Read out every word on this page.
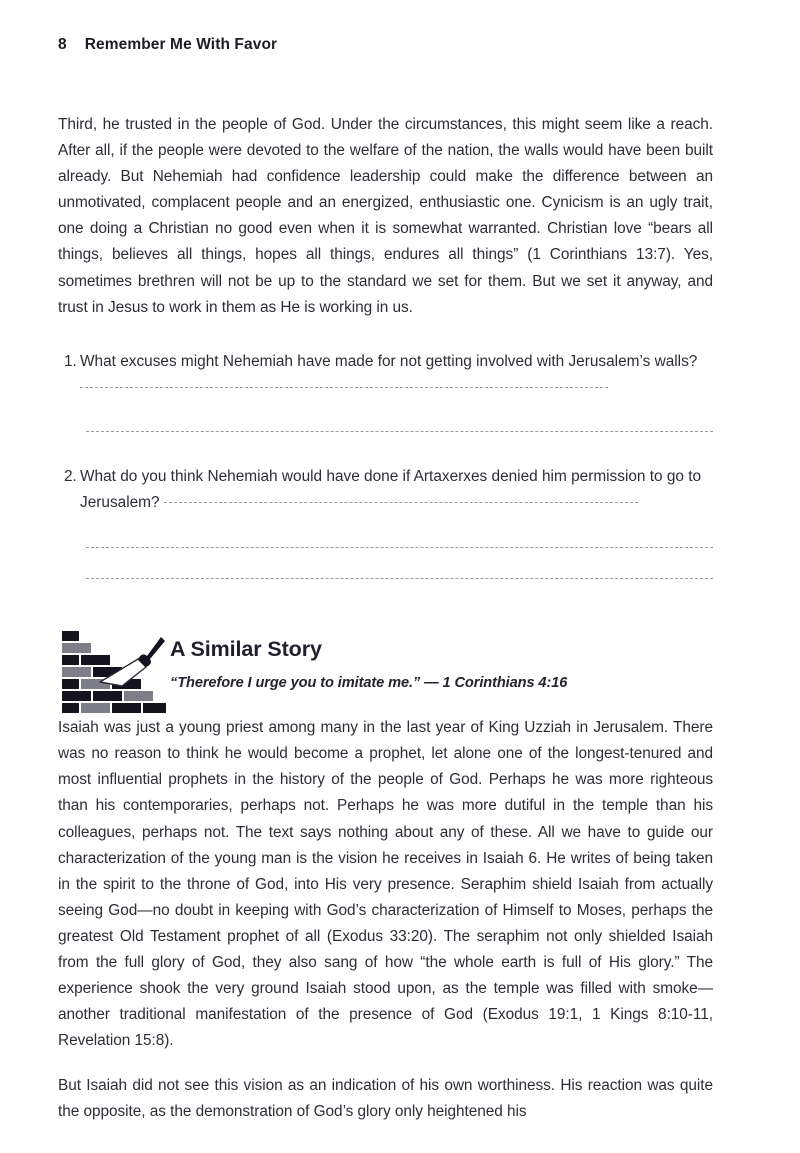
8 Remember Me With Favor

Third, he trusted in the people of God. Under the circumstances, this might seem like a reach. After all, if the people were devoted to the welfare of the nation, the walls would have been built already. But Nehemiah had confidence leadership could make the difference between an unmotivated, complacent people and an energized, enthusiastic one. Cynicism is an ugly trait, one doing a Christian no good even when it is somewhat warranted. Christian love “bears all things, believes all things, hopes all things, endures all things” (1 Corinthians 13:7). Yes, sometimes brethren will not be up to the standard we set for them. But we set it anyway, and trust in Jesus to work in them as He is working in us.

1. What excuses might Nehemiah have made for not getting involved with Jerusalem’s walls?
2. What do you think Nehemiah would have done if Artaxerxes denied him permission to go to Jerusalem?
A Similar Story

“Therefore I urge you to imitate me.” — 1 Corinthians 4:16

Isaiah was just a young priest among many in the last year of King Uzziah in Jerusalem. There was no reason to think he would become a prophet, let alone one of the longest-tenured and most influential prophets in the history of the people of God. Perhaps he was more righteous than his contemporaries, perhaps not. Perhaps he was more dutiful in the temple than his colleagues, perhaps not. The text says nothing about any of these. All we have to guide our characterization of the young man is the vision he receives in Isaiah 6. He writes of being taken in the spirit to the throne of God, into His very presence. Seraphim shield Isaiah from actually seeing God—no doubt in keeping with God’s characterization of Himself to Moses, perhaps the greatest Old Testament prophet of all (Exodus 33:20). The seraphim not only shielded Isaiah from the full glory of God, they also sang of how “the whole earth is full of His glory.” The experience shook the very ground Isaiah stood upon, as the temple was filled with smoke—another traditional manifestation of the presence of God (Exodus 19:1, 1 Kings 8:10-11, Revelation 15:8).

But Isaiah did not see this vision as an indication of his own worthiness. His reaction was quite the opposite, as the demonstration of God’s glory only heightened his
